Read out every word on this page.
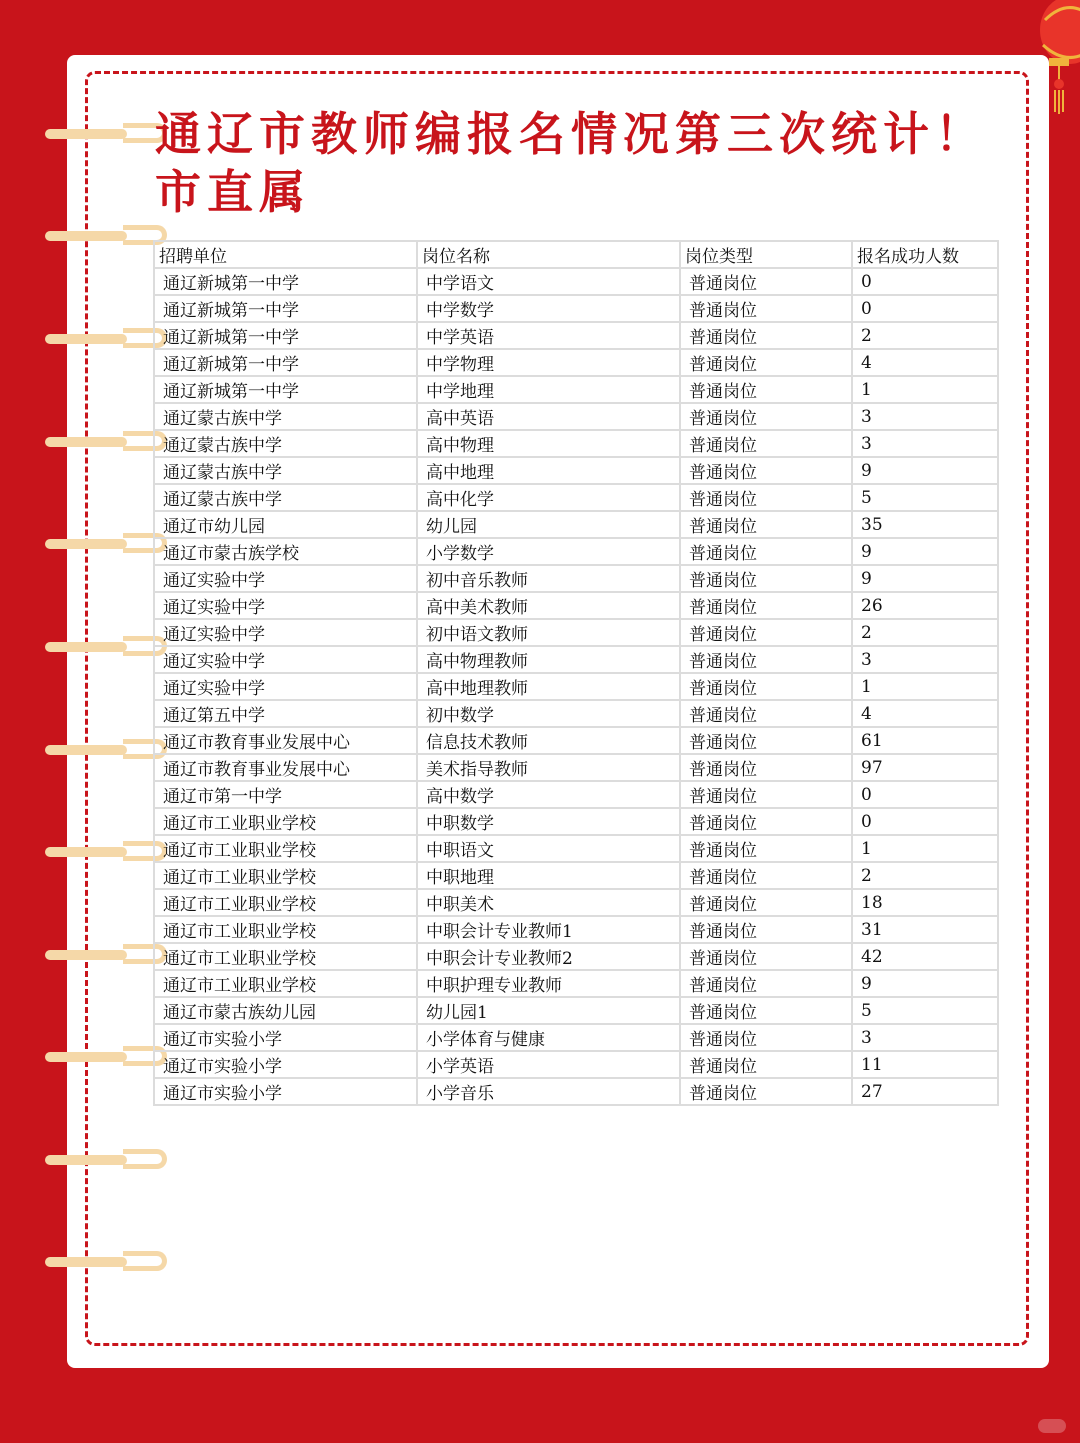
通辽市教师编报名情况第三次统计！
市直属
招聘单位	岗位名称	岗位类型	报名成功人数
通辽新城第一中学	中学语文	普通岗位	0
通辽新城第一中学	中学数学	普通岗位	0
通辽新城第一中学	中学英语	普通岗位	2
通辽新城第一中学	中学物理	普通岗位	4
通辽新城第一中学	中学地理	普通岗位	1
通辽蒙古族中学	高中英语	普通岗位	3
通辽蒙古族中学	高中物理	普通岗位	3
通辽蒙古族中学	高中地理	普通岗位	9
通辽蒙古族中学	高中化学	普通岗位	5
通辽市幼儿园	幼儿园	普通岗位	35
通辽市蒙古族学校	小学数学	普通岗位	9
通辽实验中学	初中音乐教师	普通岗位	9
通辽实验中学	高中美术教师	普通岗位	26
通辽实验中学	初中语文教师	普通岗位	2
通辽实验中学	高中物理教师	普通岗位	3
通辽实验中学	高中地理教师	普通岗位	1
通辽第五中学	初中数学	普通岗位	4
通辽市教育事业发展中心	信息技术教师	普通岗位	61
通辽市教育事业发展中心	美术指导教师	普通岗位	97
通辽市第一中学	高中数学	普通岗位	0
通辽市工业职业学校	中职数学	普通岗位	0
通辽市工业职业学校	中职语文	普通岗位	1
通辽市工业职业学校	中职地理	普通岗位	2
通辽市工业职业学校	中职美术	普通岗位	18
通辽市工业职业学校	中职会计专业教师1	普通岗位	31
通辽市工业职业学校	中职会计专业教师2	普通岗位	42
通辽市工业职业学校	中职护理专业教师	普通岗位	9
通辽市蒙古族幼儿园	幼儿园1	普通岗位	5
通辽市实验小学	小学体育与健康	普通岗位	3
通辽市实验小学	小学英语	普通岗位	11
通辽市实验小学	小学音乐	普通岗位	27
